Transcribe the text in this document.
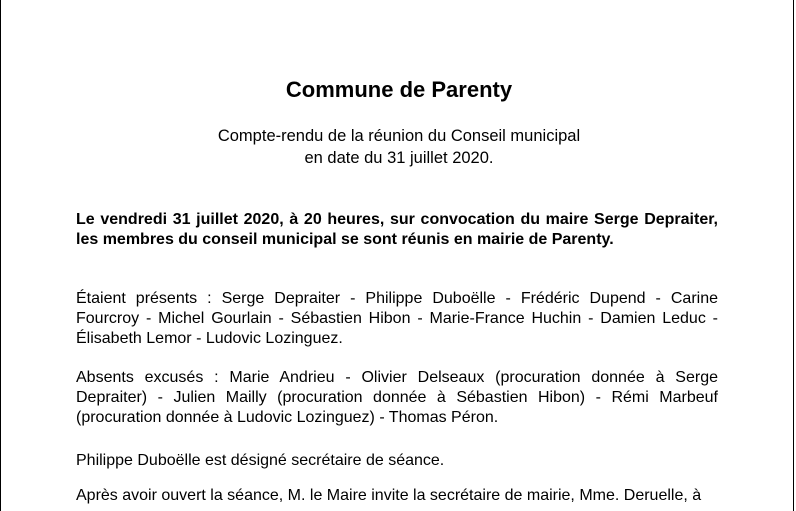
Commune de Parenty
Compte-rendu de la réunion du Conseil municipal
en date du 31 juillet 2020.

Le vendredi 31 juillet 2020, à 20 heures, sur convocation du maire Serge Depraiter, les membres du conseil municipal se sont réunis en mairie de Parenty.

Étaient présents : Serge Depraiter - Philippe Duboëlle - Frédéric Dupend - Carine Fourcroy - Michel Gourlain - Sébastien Hibon - Marie-France Huchin - Damien Leduc - Élisabeth Lemor - Ludovic Lozinguez.

Absents excusés : Marie Andrieu - Olivier Delseaux (procuration donnée à Serge Depraiter) - Julien Mailly (procuration donnée à Sébastien Hibon) - Rémi Marbeuf (procuration donnée à Ludovic Lozinguez) - Thomas Péron.

Philippe Duboëlle est désigné secrétaire de séance.

Après avoir ouvert la séance, M. le Maire invite la secrétaire de mairie, Mme. Deruelle, à
